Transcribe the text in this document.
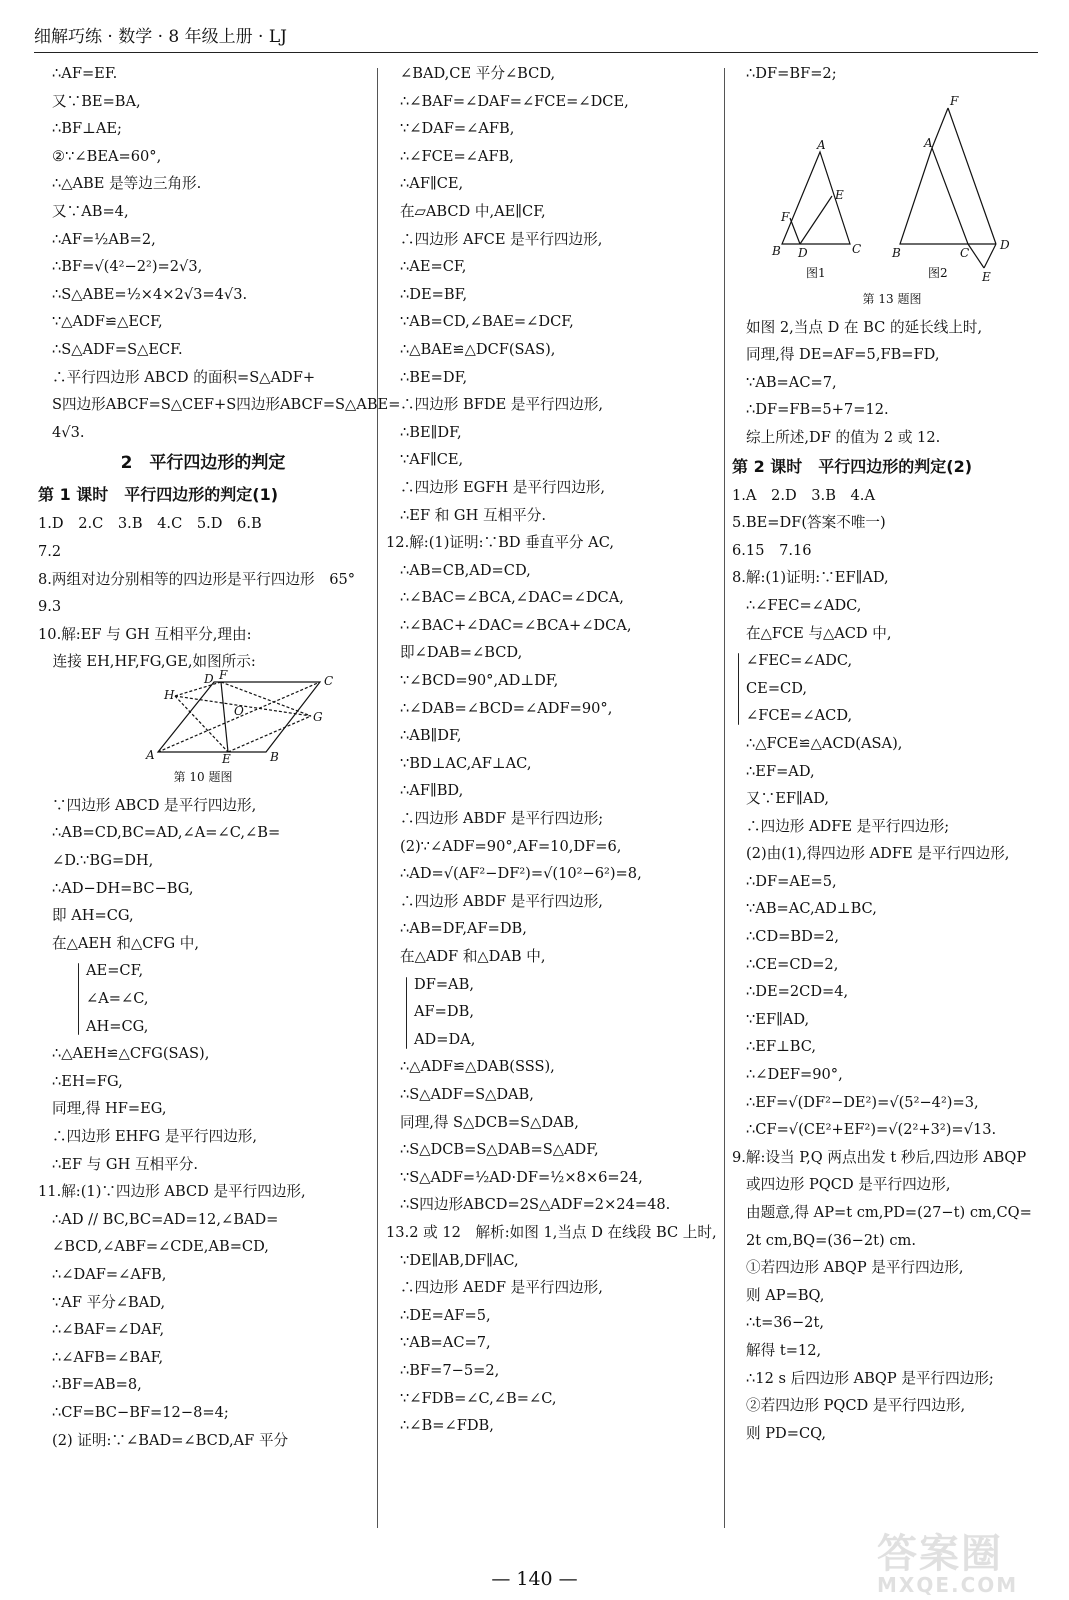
细解巧练 · 数学 · 8 年级上册 · LJ
∴AF=EF.
又∵BE=BA,
∴BF⊥AE;
②∵∠BEA=60°,
∴△ABE 是等边三角形.
又∵AB=4,
∴AF=½AB=2,
∴BF=√(4²−2²)=2√3,
∴S△ABE=½×4×2√3=4√3.
∵△ADF≌△ECF,
∴S△ADF=S△ECF.
∴平行四边形 ABCD 的面积=S△ADF+
S四边形ABCF=S△CEF+S四边形ABCF=S△ABE=
4√3.
2　平行四边形的判定
第 1 课时　平行四边形的判定(1)
1.D　2.C　3.B　4.C　5.D　6.B
7.2
8.两组对边分别相等的四边形是平行四边形　65°
9.3
10.解:EF 与 GH 互相平分,理由:
　连接 EH,HF,FG,GE,如图所示:
D
H
F	C
O	G
A	E	B
第 10 题图
∵四边形 ABCD 是平行四边形,
∴AB=CD,BC=AD,∠A=∠C,∠B=
∠D.∵BG=DH,
∴AD−DH=BC−BG,
即 AH=CG,
在△AEH 和△CFG 中,
AE=CF,
∠A=∠C,
AH=CG,
∴△AEH≌△CFG(SAS),
∴EH=FG,
同理,得 HF=EG,
∴四边形 EHFG 是平行四边形,
∴EF 与 GH 互相平分.
11.解:(1)∵四边形 ABCD 是平行四边形,
∴AD // BC,BC=AD=12,∠BAD=
∠BCD,∠ABF=∠CDE,AB=CD,
∴∠DAF=∠AFB,
∵AF 平分∠BAD,
∴∠BAF=∠DAF,
∴∠AFB=∠BAF,
∴BF=AB=8,
∴CF=BC−BF=12−8=4;
(2) 证明:∵∠BAD=∠BCD,AF 平分
∠BAD,CE 平分∠BCD,
∴∠BAF=∠DAF=∠FCE=∠DCE,
∵∠DAF=∠AFB,
∴∠FCE=∠AFB,
∴AF∥CE,
在▱ABCD 中,AE∥CF,
∴四边形 AFCE 是平行四边形,
∴AE=CF,
∴DE=BF,
∵AB=CD,∠BAE=∠DCF,
∴△BAE≌△DCF(SAS),
∴BE=DF,
∴四边形 BFDE 是平行四边形,
∴BE∥DF,
∵AF∥CE,
∴四边形 EGFH 是平行四边形,
∴EF 和 GH 互相平分.
12.解:(1)证明:∵BD 垂直平分 AC,
∴AB=CB,AD=CD,
∴∠BAC=∠BCA,∠DAC=∠DCA,
∴∠BAC+∠DAC=∠BCA+∠DCA,
即∠DAB=∠BCD,
∵∠BCD=90°,AD⊥DF,
∴∠DAB=∠BCD=∠ADF=90°,
∴AB∥DF,
∵BD⊥AC,AF⊥AC,
∴AF∥BD,
∴四边形 ABDF 是平行四边形;
(2)∵∠ADF=90°,AF=10,DF=6,
∴AD=√(AF²−DF²)=√(10²−6²)=8,
∴四边形 ABDF 是平行四边形,
∴AB=DF,AF=DB,
在△ADF 和△DAB 中,
DF=AB,
AF=DB,
AD=DA,
∴△ADF≌△DAB(SSS),
∴S△ADF=S△DAB,
同理,得 S△DCB=S△DAB,
∴S△DCB=S△DAB=S△ADF,
∵S△ADF=½AD·DF=½×8×6=24,
∴S四边形ABCD=2S△ADF=2×24=48.
13.2 或 12　解析:如图 1,当点 D 在线段 BC 上时,
∵DE∥AB,DF∥AC,
∴四边形 AEDF 是平行四边形,
∴DE=AF=5,
∵AB=AC=7,
∴BF=7−5=2,
∵∠FDB=∠C,∠B=∠C,
∴∠B=∠FDB,
∴DF=BF=2;
A
E
F
B D	C
F
A
B	C
D
E
图1	图2
第 13 题图
如图 2,当点 D 在 BC 的延长线上时,
同理,得 DE=AF=5,FB=FD,
∵AB=AC=7,
∴DF=FB=5+7=12.
综上所述,DF 的值为 2 或 12.
第 2 课时　平行四边形的判定(2)
1.A　2.D　3.B　4.A
5.BE=DF(答案不唯一)
6.15　7.16
8.解:(1)证明:∵EF∥AD,
∴∠FEC=∠ADC,
在△FCE 与△ACD 中,
∠FEC=∠ADC,
CE=CD,
∠FCE=∠ACD,
∴△FCE≌△ACD(ASA),
∴EF=AD,
又∵EF∥AD,
∴四边形 ADFE 是平行四边形;
(2)由(1),得四边形 ADFE 是平行四边形,
∴DF=AE=5,
∵AB=AC,AD⊥BC,
∴CD=BD=2,
∴CE=CD=2,
∴DE=2CD=4,
∵EF∥AD,
∴EF⊥BC,
∴∠DEF=90°,
∴EF=√(DF²−DE²)=√(5²−4²)=3,
∴CF=√(CE²+EF²)=√(2²+3²)=√13.
9.解:设当 P,Q 两点出发 t 秒后,四边形 ABQP
或四边形 PQCD 是平行四边形,
由题意,得 AP=t cm,PD=(27−t) cm,CQ=
2t cm,BQ=(36−2t) cm.
①若四边形 ABQP 是平行四边形,
则 AP=BQ,
∴t=36−2t,
解得 t=12,
∴12 s 后四边形 ABQP 是平行四边形;
②若四边形 PQCD 是平行四边形,
则 PD=CQ,
— 140 —
答案圈
MXQE.COM
